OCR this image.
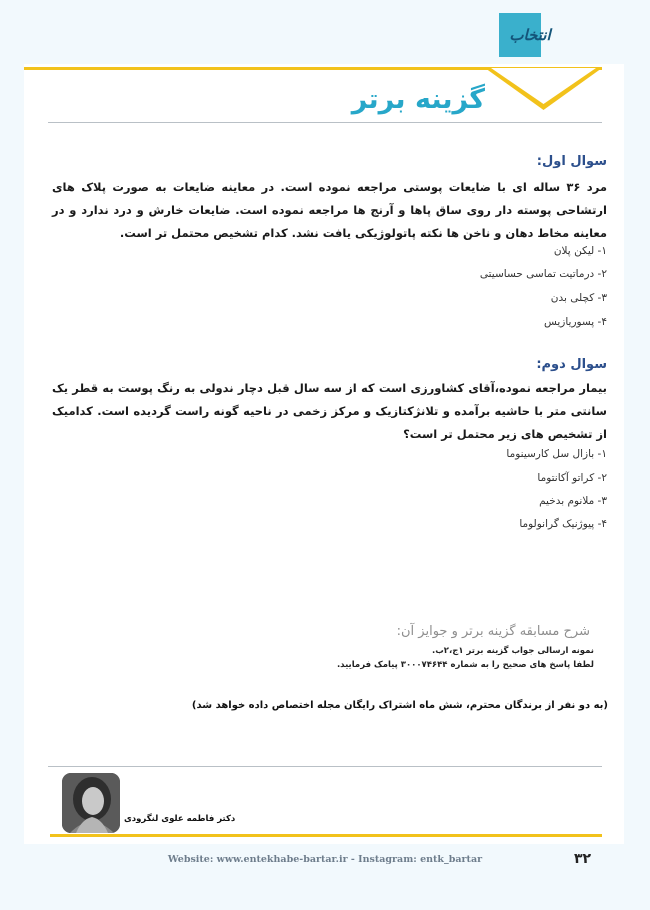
انتخاب
گزینه برتر
سوال اول:
مرد ۳۶ ساله ای با ضایعات پوستی مراجعه نموده است. در معاینه ضایعات به صورت پلاک های ارتشاحی پوسته دار روی ساق پاها و آرنج ها مراجعه نموده است. ضایعات خارش و درد ندارد و در معاینه مخاط دهان و ناخن ها نکته پاتولوژیکی یافت نشد. کدام تشخیص محتمل تر است.
۱- لیکن پلان
۲- درماتیت تماسی حساسیتی
۳- کچلی بدن
۴- پسوریازیس
سوال دوم:
بیمار مراجعه نموده،آقای کشاورزی است که از سه سال قبل دچار ندولی به رنگ پوست به قطر یک سانتی متر با حاشیه برآمده و تلانژکتازیک و مرکز زخمی در ناحیه گونه راست گردیده است. کدامیک از تشخیص های زیر محتمل تر است؟
۱- بازال سل کارسینوما
۲- کراتو آکانتوما
۳- ملانوم بدخیم
۴- پیوژنیک گرانولوما
شرح مسابقه گزینه برتر و جوایز آن:
نمونه ارسالی جواب گزینه برتر ۱ج،۲ب.
لطفا پاسخ های صحیح را به شماره ۳۰۰۰۷۴۶۴۴ پیامک فرمایید.
(به دو نفر از برندگان محترم، شش ماه اشتراک رایگان مجله اختصاص داده خواهد شد)
دکتر فاطمه علوی لنگرودی
Website: www.entekhabe-bartar.ir - Instagram: entk_bartar	۳۲
